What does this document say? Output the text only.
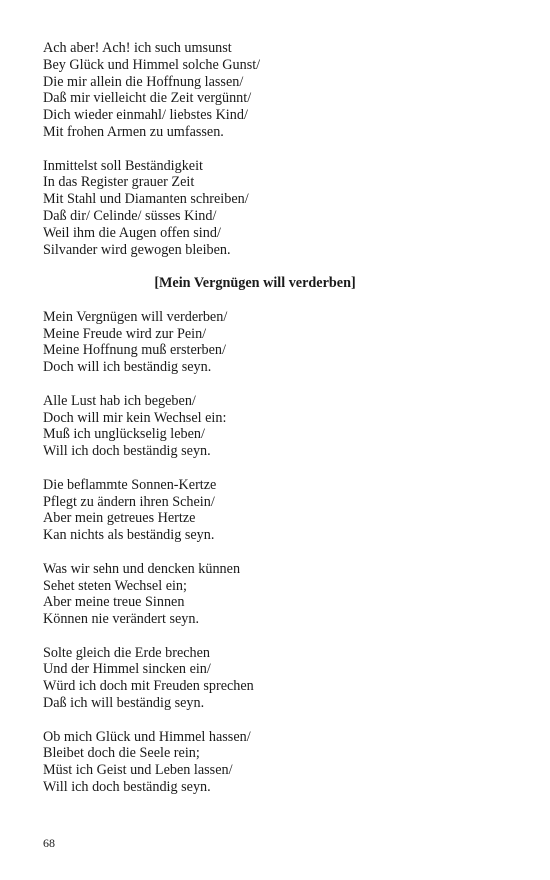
Ach aber! Ach! ich such umsunst
Bey Glück und Himmel solche Gunst/
Die mir allein die Hoffnung lassen/
Daß mir vielleicht die Zeit vergünnt/
Dich wieder einmahl/ liebstes Kind/
Mit frohen Armen zu umfassen.
Inmittelst soll Beständigkeit
In das Register grauer Zeit
Mit Stahl und Diamanten schreiben/
Daß dir/ Celinde/ süsses Kind/
Weil ihm die Augen offen sind/
Silvander wird gewogen bleiben.
[Mein Vergnügen will verderben]
Mein Vergnügen will verderben/
Meine Freude wird zur Pein/
Meine Hoffnung muß ersterben/
Doch will ich beständig seyn.
Alle Lust hab ich begeben/
Doch will mir kein Wechsel ein:
Muß ich unglückselig leben/
Will ich doch beständig seyn.
Die beflammte Sonnen-Kertze
Pflegt zu ändern ihren Schein/
Aber mein getreues Hertze
Kan nichts als beständig seyn.
Was wir sehn und dencken künnen
Sehet steten Wechsel ein;
Aber meine treue Sinnen
Können nie verändert seyn.
Solte gleich die Erde brechen
Und der Himmel sincken ein/
Würd ich doch mit Freuden sprechen
Daß ich will beständig seyn.
Ob mich Glück und Himmel hassen/
Bleibet doch die Seele rein;
Müst ich Geist und Leben lassen/
Will ich doch beständig seyn.
68
